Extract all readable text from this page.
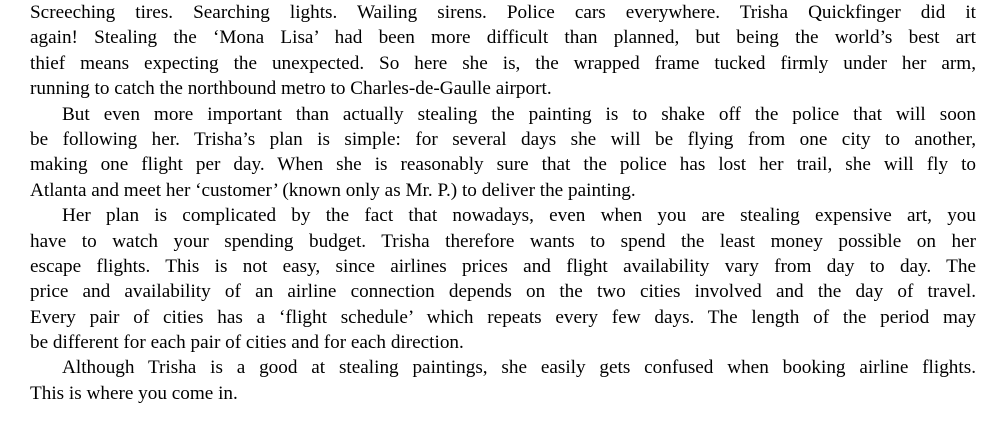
Screeching tires. Searching lights. Wailing sirens. Police cars everywhere. Trisha Quickfinger did it
again! Stealing the ‘Mona Lisa’ had been more difficult than planned, but being the world’s best art
thief means expecting the unexpected. So here she is, the wrapped frame tucked firmly under her arm,
running to catch the northbound metro to Charles-de-Gaulle airport.
But even more important than actually stealing the painting is to shake off the police that will soon
be following her. Trisha’s plan is simple: for several days she will be flying from one city to another,
making one flight per day. When she is reasonably sure that the police has lost her trail, she will fly to
Atlanta and meet her ‘customer’ (known only as Mr. P.) to deliver the painting.
Her plan is complicated by the fact that nowadays, even when you are stealing expensive art, you
have to watch your spending budget. Trisha therefore wants to spend the least money possible on her
escape flights. This is not easy, since airlines prices and flight availability vary from day to day. The
price and availability of an airline connection depends on the two cities involved and the day of travel.
Every pair of cities has a ‘flight schedule’ which repeats every few days. The length of the period may
be different for each pair of cities and for each direction.
Although Trisha is a good at stealing paintings, she easily gets confused when booking airline flights.
This is where you come in.
